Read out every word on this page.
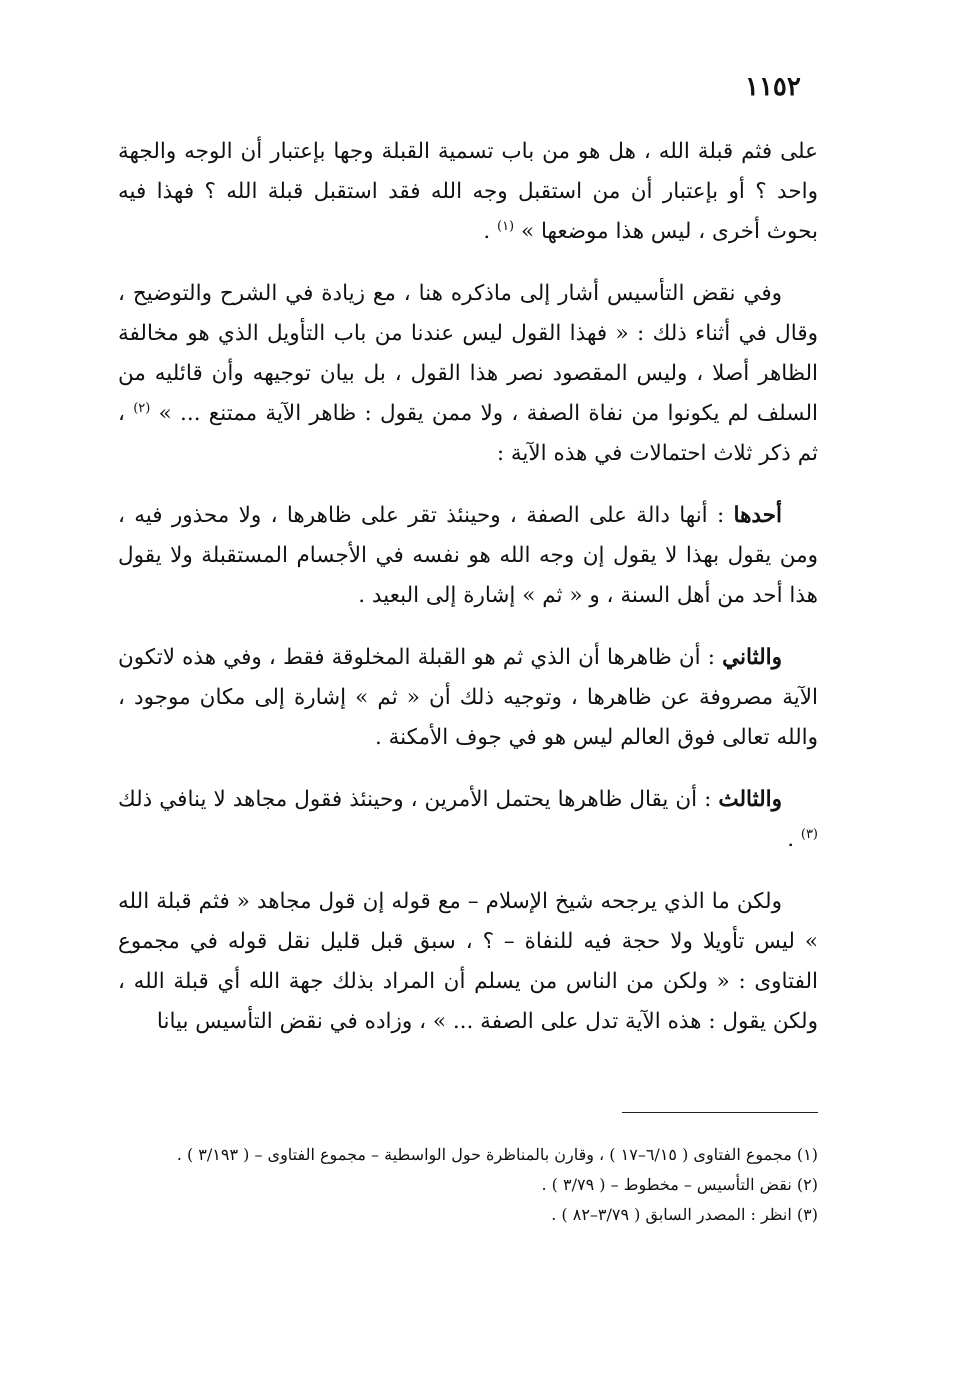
١١٥٢

على فثم قبلة الله ، هل هو من باب تسمية القبلة وجها بإعتبار أن الوجه والجهة واحد ؟ أو بإعتبار أن من استقبل وجه الله فقد استقبل قبلة الله ؟ فهذا فيه بحوث أخرى ، ليس هذا موضعها » $^{(١)}$ .

وفي نقض التأسيس أشار إلى ماذكره هنا ، مع زيادة في الشرح والتوضيح ، وقال في أثناء ذلك : « فهذا القول ليس عندنا من باب التأويل الذي هو مخالفة الظاهر أصلا ، وليس المقصود نصر هذا القول ، بل بيان توجيهه وأن قائليه من السلف لم يكونوا من نفاة الصفة ، ولا ممن يقول : ظاهر الآية ممتنع ... » $^{(٢)}$ ، ثم ذكر ثلاث احتمالات في هذه الآية :

أحدها : أنها دالة على الصفة ، وحينئذ تقر على ظاهرها ، ولا محذور فيه ، ومن يقول بهذا لا يقول إن وجه الله هو نفسه في الأجسام المستقبلة ولا يقول هذا أحد من أهل السنة ، و « ثم » إشارة إلى البعيد .

والثاني : أن ظاهرها أن الذي ثم هو القبلة المخلوقة فقط ، وفي هذه لاتكون الآية مصروفة عن ظاهرها ، وتوجيه ذلك أن « ثم » إشارة إلى مكان موجود ، والله تعالى فوق العالم ليس هو في جوف الأمكنة .

والثالث : أن يقال ظاهرها يحتمل الأمرين ، وحينئذ فقول مجاهد لا ينافي ذلك $^{(٣)}$ .

ولكن ما الذي يرجحه شيخ الإسلام – مع قوله إن قول مجاهد « فثم قبلة الله » ليس تأويلا ولا حجة فيه للنفاة – ؟ ، سبق قبل قليل نقل قوله في مجموع الفتاوى : « ولكن من الناس من يسلم أن المراد بذلك جهة الله أي قبلة الله ، ولكن يقول : هذه الآية تدل على الصفة ... » ، وزاده في نقض التأسيس بيانا

(١) مجموع الفتاوى ( ٦/١٥–١٧ ) ، وقارن بالمناظرة حول الواسطية – مجموع الفتاوى – ( ٣/١٩٣ ) .

(٢) نقض التأسيس – مخطوط – ( ٣/٧٩ ) .

(٣) انظر : المصدر السابق ( ٣/٧٩–٨٢ ) .
